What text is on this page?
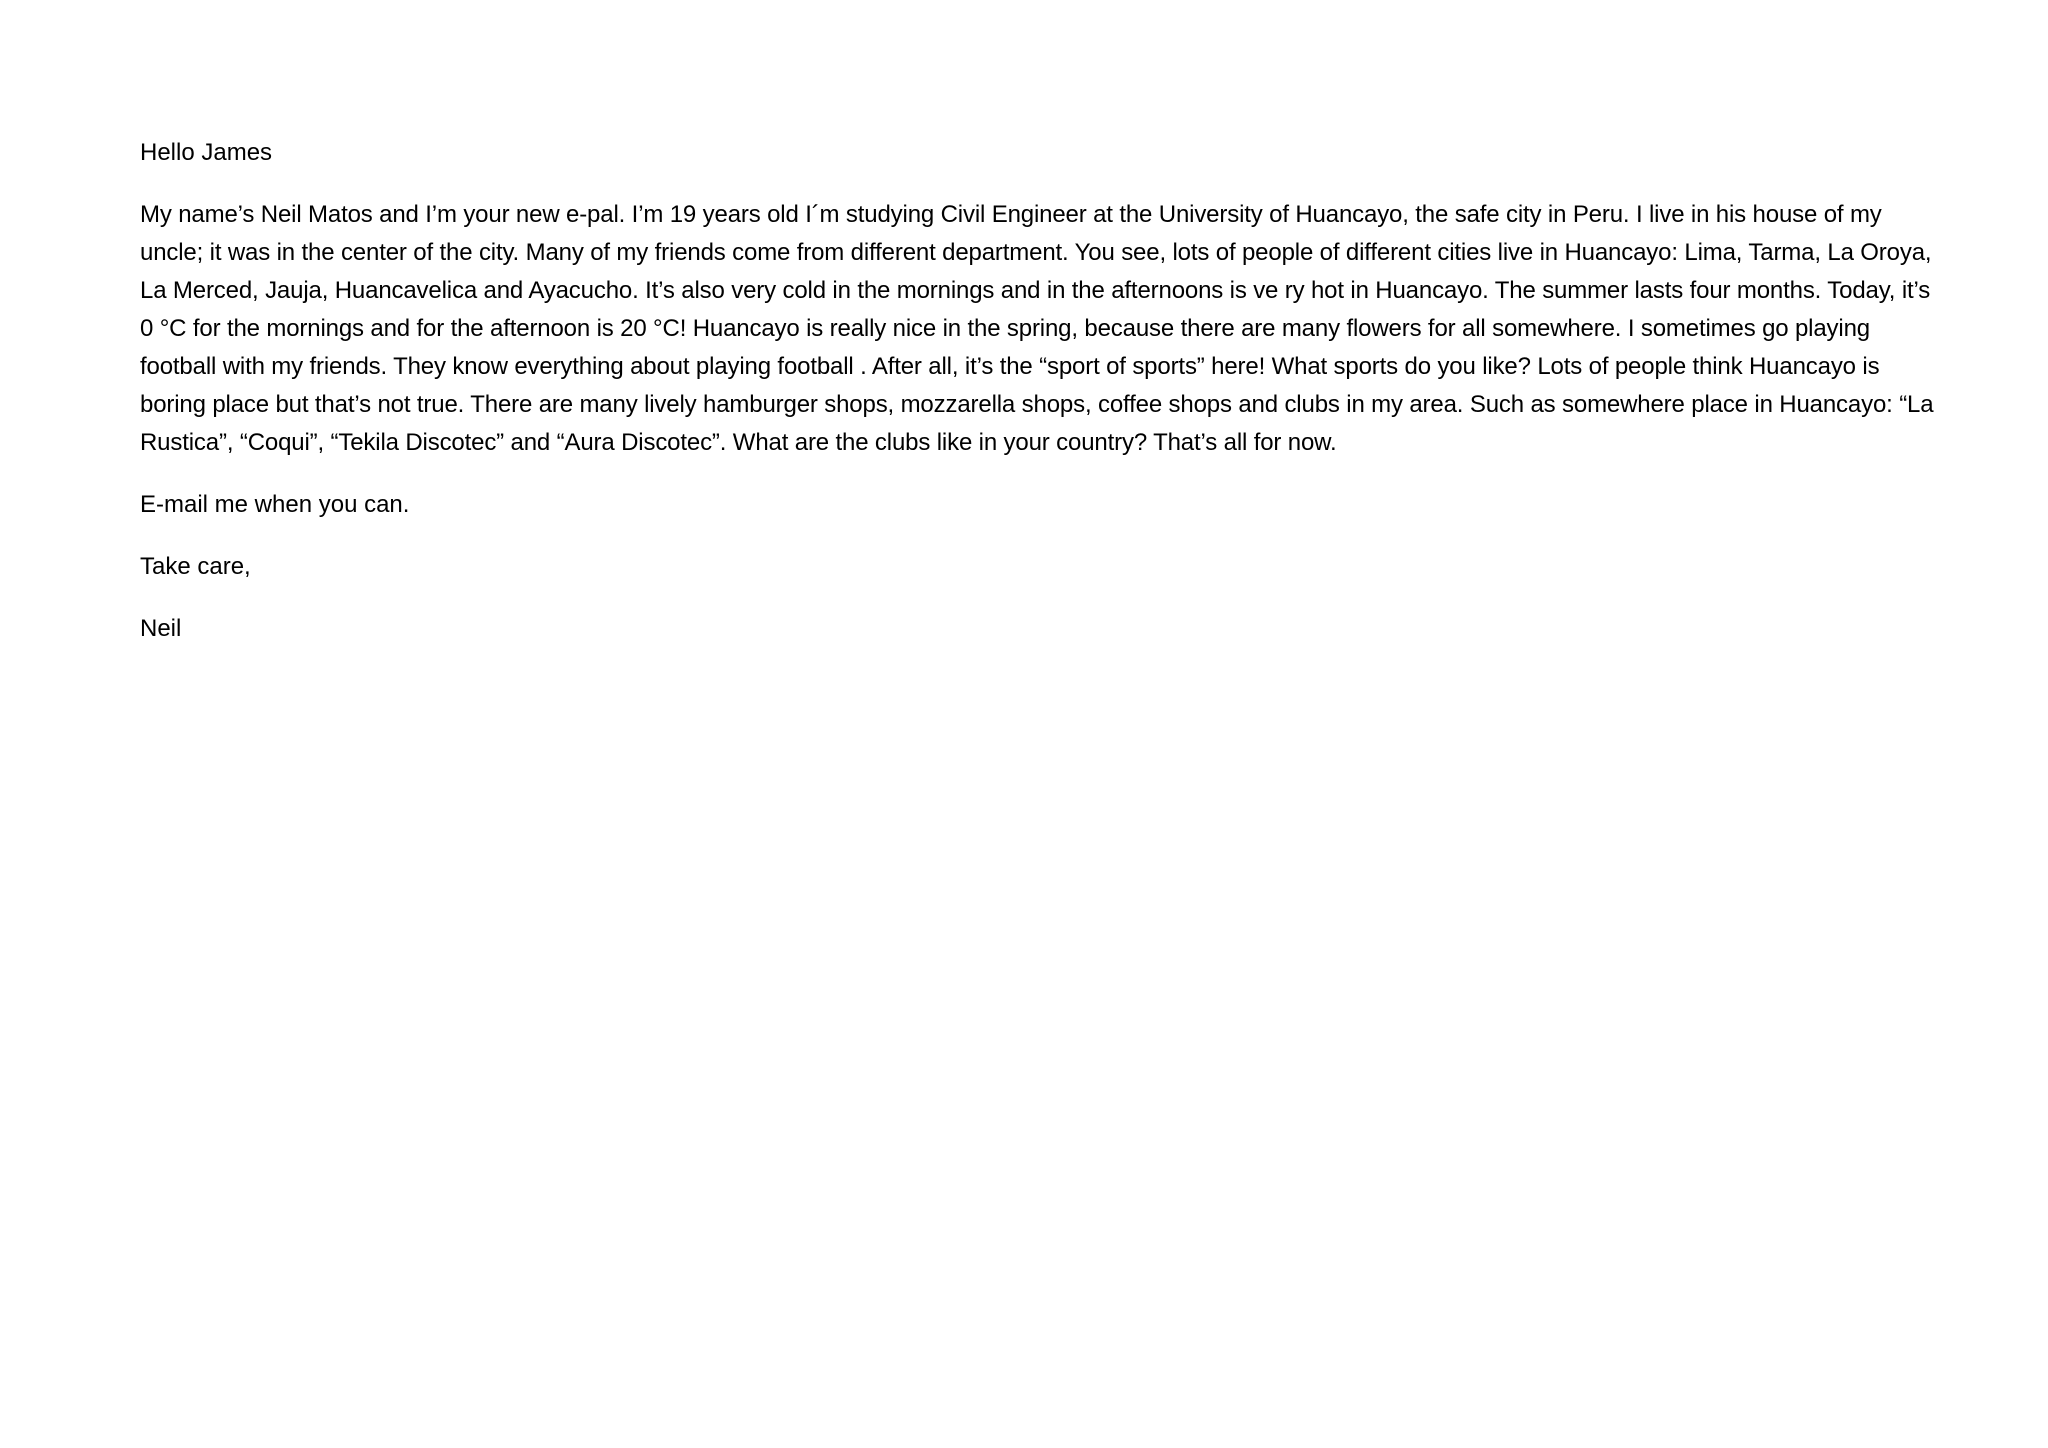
Hello James

My name’s Neil Matos and I’m your new e-pal. I’m 19 years old I´m studying Civil Engineer at the University of Huancayo, the safe city in Peru. I live in his house of my uncle; it was in the center of the city. Many of my friends come from different department. You see, lots of people of different cities live in Huancayo: Lima, Tarma, La Oroya, La Merced, Jauja, Huancavelica and Ayacucho. It’s also very cold in the mornings and in the afternoons is ve ry hot in Huancayo. The summer lasts four months. Today, it’s 0 °C for the mornings and for the afternoon is 20 °C! Huancayo is really nice in the spring, because there are many flowers for all somewhere. I sometimes go playing football with my friends. They know everything about playing football . After all, it’s the “sport of sports” here! What sports do you like? Lots of people think Huancayo is boring place but that’s not true. There are many lively hamburger shops, mozzarella shops, coffee shops and clubs in my area. Such as somewhere place in Huancayo: “La Rustica”, “Coqui”, “Tekila Discotec” and “Aura Discotec”. What are the clubs like in your country? That’s all for now.

E-mail me when you can.

Take care,

Neil
